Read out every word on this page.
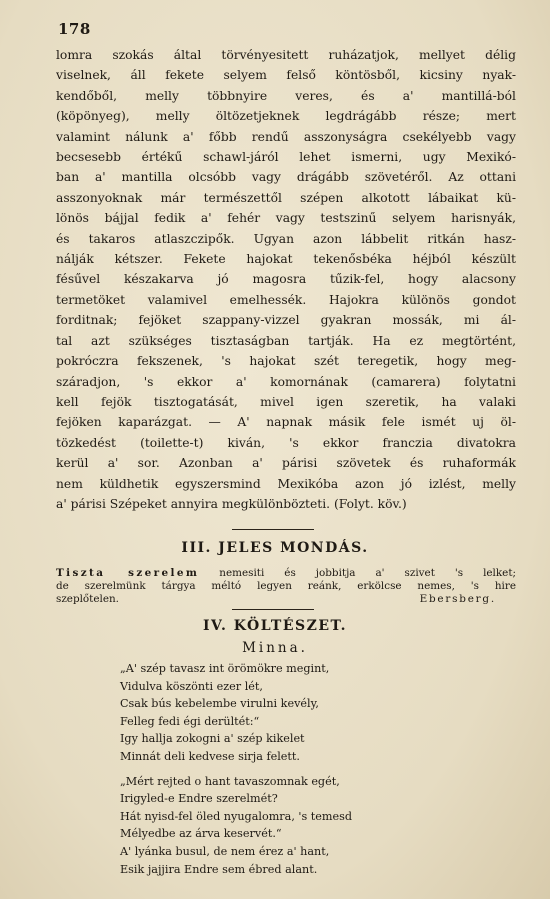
178
lomra szokás által törvényesitett ruházatjok, mellyet délig
viselnek, áll fekete selyem felső köntösből, kicsiny nyak-
kendőből, melly többnyire veres, és a' mantillá-ból
(köpönyeg), melly öltözetjeknek legdrágább része; mert
valamint nálunk a' főbb rendű asszonyságra csekélyebb vagy
becsesebb értékű schawl-járól lehet ismerni, ugy Mexikó-
ban a' mantilla olcsóbb vagy drágább szövetéről. Az ottani
asszonyoknak már természettől szépen alkotott lábaikat kü-
lönös bájjal fedik a' fehér vagy testszinű selyem harisnyák,
és takaros atlaszczipők. Ugyan azon lábbelit ritkán hasz-
nálják kétszer. Fekete hajokat tekenősbéka héjból készült
fésűvel készakarva jó magosra tűzik-fel, hogy alacsony
termetöket valamivel emelhessék. Hajokra különös gondot
forditnak; fejöket szappany-vizzel gyakran mossák, mi ál-
tal azt szükséges tisztaságban tartják. Ha ez megtörtént,
pokróczra fekszenek, 's hajokat szét teregetik, hogy meg-
száradjon, 's ekkor a' komornának (camarera) folytatni
kell fejök tisztogatását, mivel igen szeretik, ha valaki
fejöken kaparázgat. — A' napnak másik fele ismét uj öl-
tözkedést (toilette-t) kiván, 's ekkor franczia divatokra
kerül a' sor. Azonban a' párisi szövetek és ruhaformák
nem küldhetik egyszersmind Mexikóba azon jó izlést, melly
a' párisi Szépeket annyira megkülönbözteti. (Folyt. köv.)
III. JELES MONDÁS.
Tiszta szerelem nemesiti és jobbitja a' szivet 's lelket;
de szerelmünk tárgya méltó legyen reánk, erkölcse nemes, 's hire
szeplőtelen.	Ebersberg.
IV. KÖLTÉSZET.
Minna.
„A' szép tavasz int örömökre megint,
Vidulva köszönti ezer lét,
Csak bús kebelembe virulni kevély,
Felleg fedi égi derültét:“
Igy hallja zokogni a' szép kikelet
Minnát deli kedvese sirja felett.
„Mért rejted o hant tavaszomnak egét,
Irigyled-e Endre szerelmét?
Hát nyisd-fel öled nyugalomra, 's temesd
Mélyedbe az árva keservét.“
A' lyánka busul, de nem érez a' hant,
Esik jajjira Endre sem ébred alant.
